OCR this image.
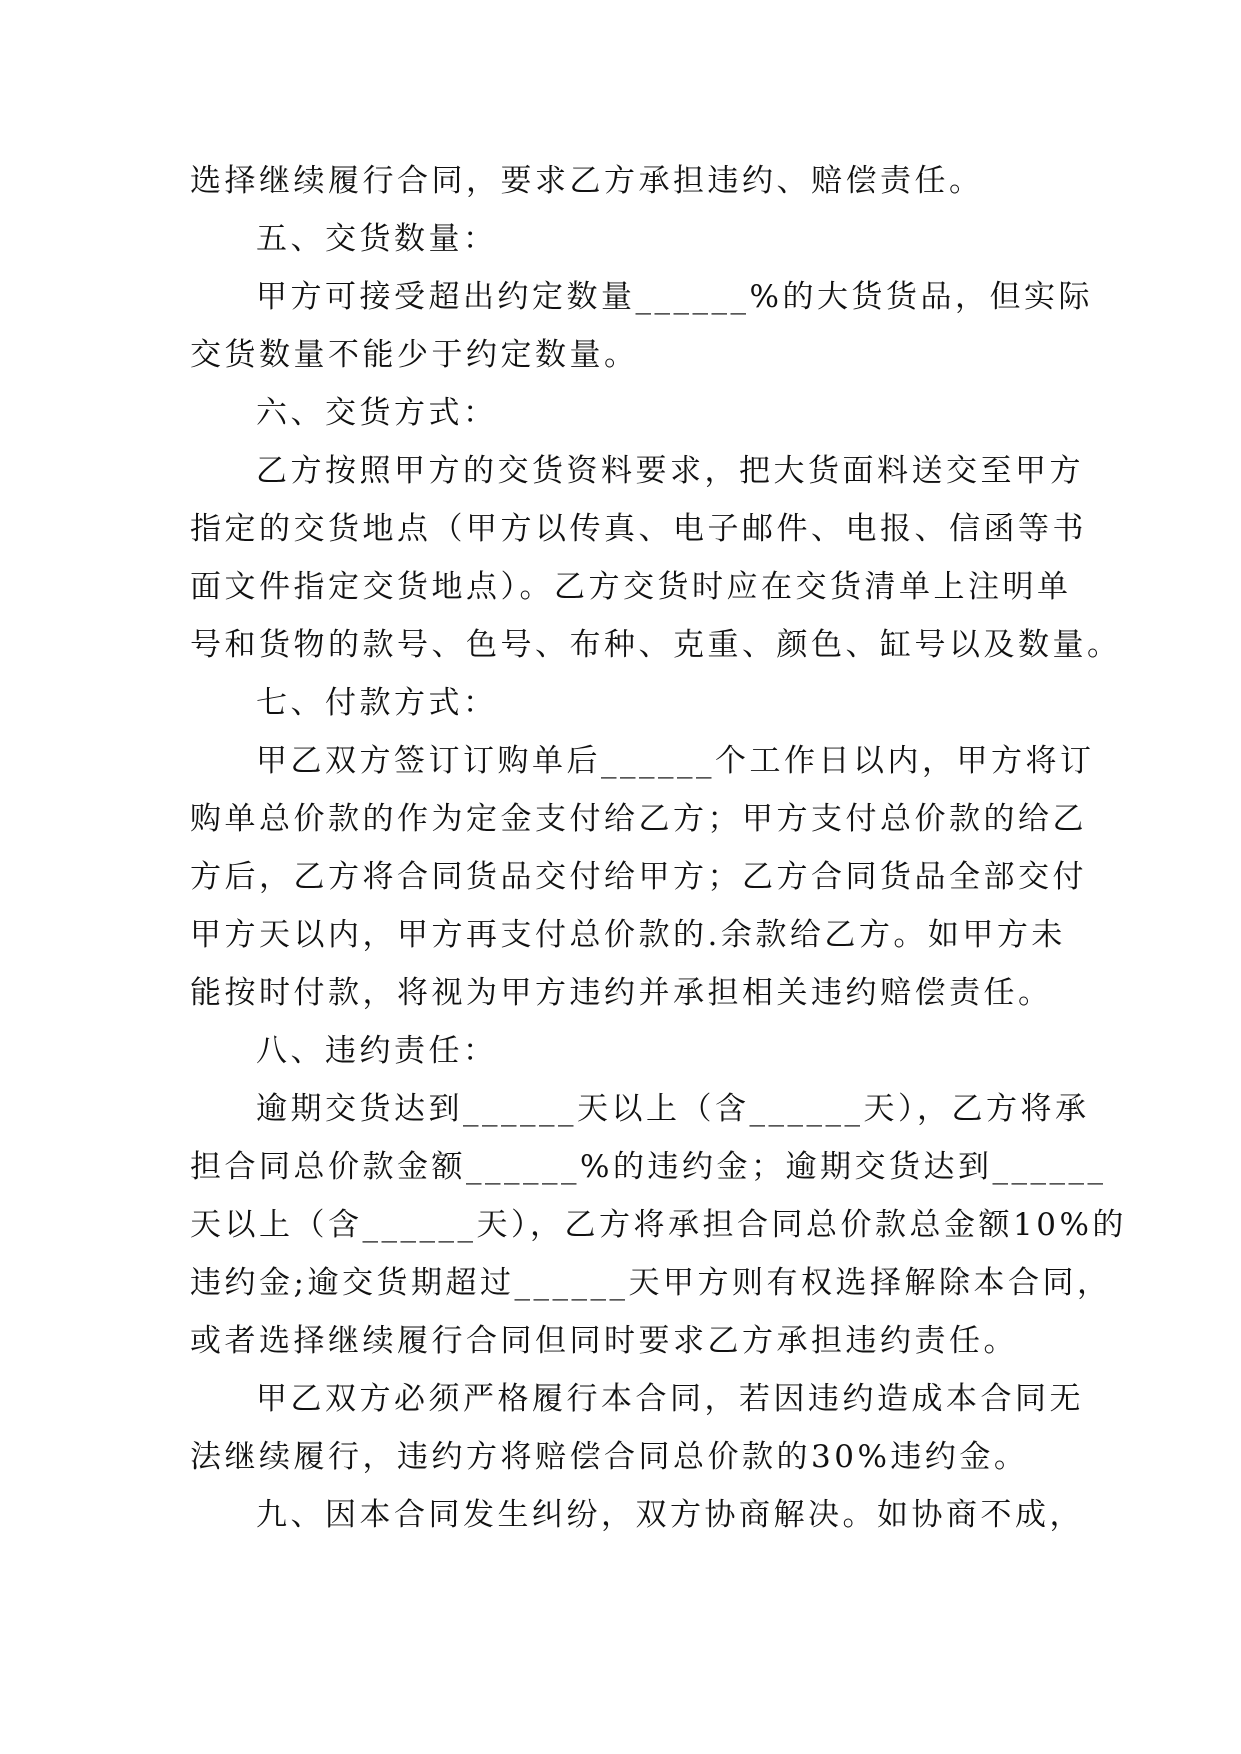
选择继续履行合同，要求乙方承担违约、赔偿责任。
五、交货数量：
甲方可接受超出约定数量______%的大货货品，但实际
交货数量不能少于约定数量。
六、交货方式：
乙方按照甲方的交货资料要求，把大货面料送交至甲方
指定的交货地点（甲方以传真、电子邮件、电报、信函等书
面文件指定交货地点）。乙方交货时应在交货清单上注明单
号和货物的款号、色号、布种、克重、颜色、缸号以及数量。
七、付款方式：
甲乙双方签订订购单后______个工作日以内，甲方将订
购单总价款的作为定金支付给乙方；甲方支付总价款的给乙
方后，乙方将合同货品交付给甲方；乙方合同货品全部交付
甲方天以内，甲方再支付总价款的.余款给乙方。如甲方未
能按时付款，将视为甲方违约并承担相关违约赔偿责任。
八、违约责任：
逾期交货达到______天以上（含______天），乙方将承
担合同总价款金额______%的违约金；逾期交货达到______
天以上（含______天），乙方将承担合同总价款总金额10%的
违约金;逾交货期超过______天甲方则有权选择解除本合同，
或者选择继续履行合同但同时要求乙方承担违约责任。
甲乙双方必须严格履行本合同，若因违约造成本合同无
法继续履行，违约方将赔偿合同总价款的30%违约金。
九、因本合同发生纠纷，双方协商解决。如协商不成，
